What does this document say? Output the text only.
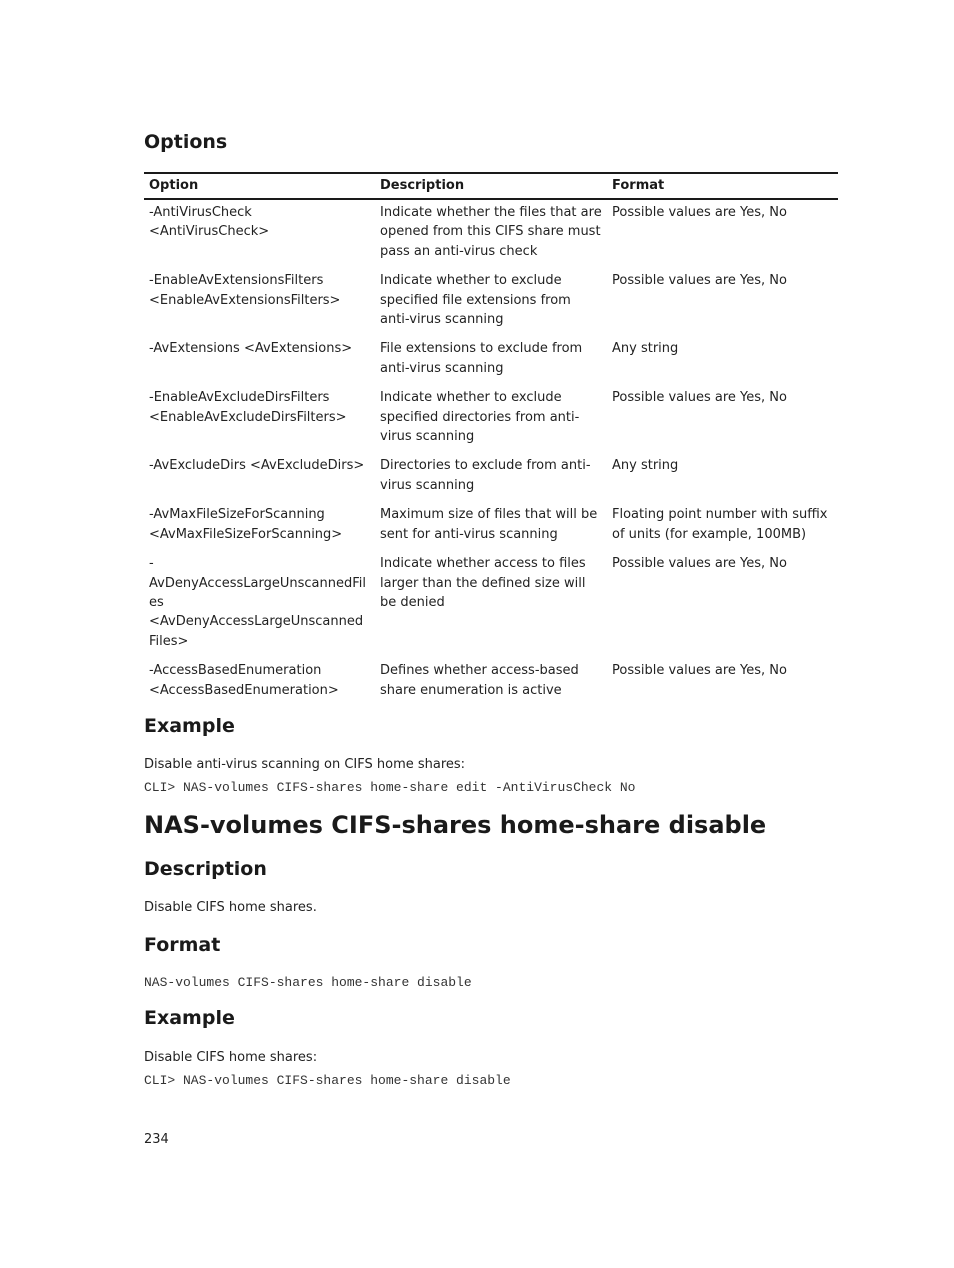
Options
Option	Description	Format
-AntiVirusCheck <AntiVirusCheck>	Indicate whether the files that are opened from this CIFS share must pass an anti-virus check	Possible values are Yes, No
-EnableAvExtensionsFilters <EnableAvExtensionsFilters>	Indicate whether to exclude specified file extensions from anti-virus scanning	Possible values are Yes, No
-AvExtensions <AvExtensions>	File extensions to exclude from anti-virus scanning	Any string
-EnableAvExcludeDirsFilters <EnableAvExcludeDirsFilters>	Indicate whether to exclude specified directories from anti-virus scanning	Possible values are Yes, No
-AvExcludeDirs <AvExcludeDirs>	Directories to exclude from anti-virus scanning	Any string
-AvMaxFileSizeForScanning <AvMaxFileSizeForScanning>	Maximum size of files that will be sent for anti-virus scanning	Floating point number with suffix of units (for example, 100MB)
-AvDenyAccessLargeUnscannedFiles <AvDenyAccessLargeUnscannedFiles>	Indicate whether access to files larger than the defined size will be denied	Possible values are Yes, No
-AccessBasedEnumeration <AccessBasedEnumeration>	Defines whether access-based share enumeration is active	Possible values are Yes, No
Example

Disable anti-virus scanning on CIFS home shares:

CLI> NAS-volumes CIFS-shares home-share edit -AntiVirusCheck No

NAS-volumes CIFS-shares home-share disable
Description

Disable CIFS home shares.

Format

NAS-volumes CIFS-shares home-share disable

Example

Disable CIFS home shares:

CLI> NAS-volumes CIFS-shares home-share disable

234
